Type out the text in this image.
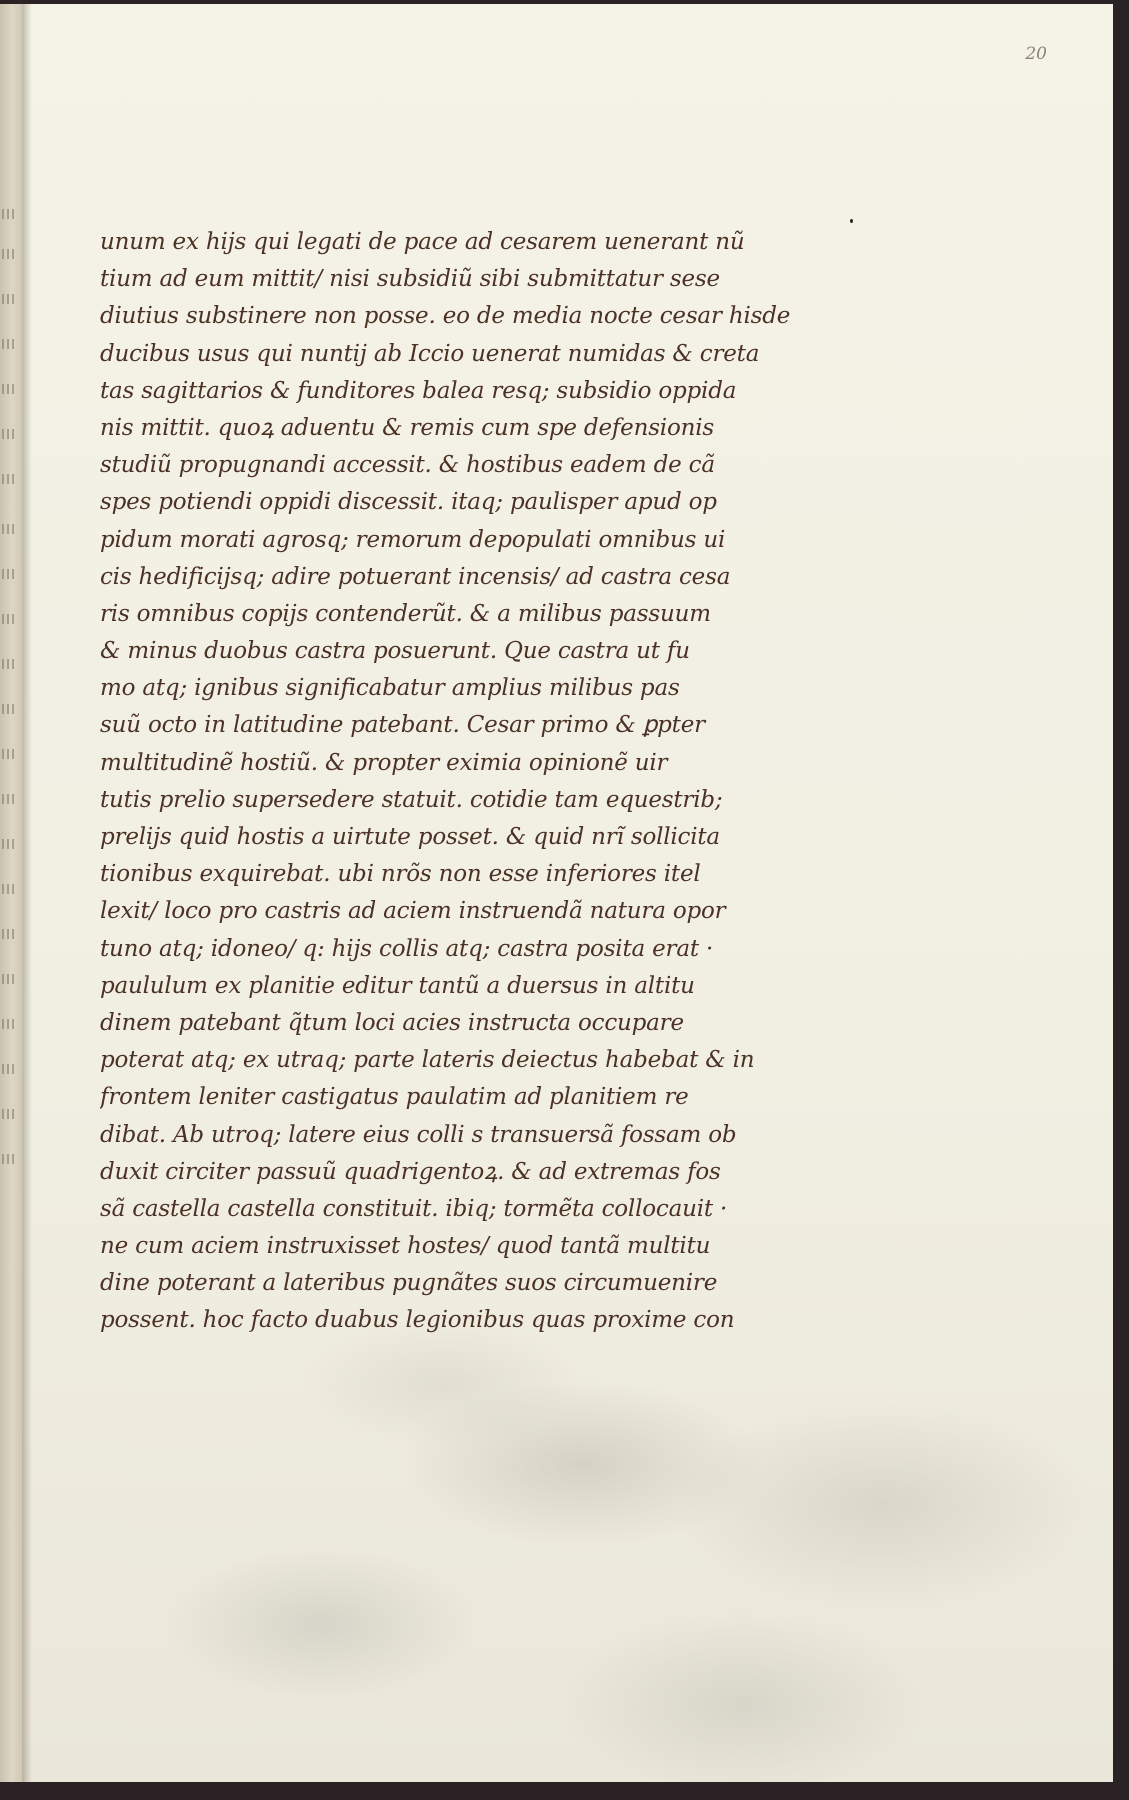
20

unum ex hijs qui legati de pace ad cesarem uenerant nũ
tium ad eum mittit/ nisi subsidiũ sibi submittatur sese
diutius substinere non posse. eo de media nocte cesar hisde
ducibus usus qui nuntij ab Iccio uenerat numidas & creta
tas sagittarios & funditores balea resq; subsidio oppida
nis mittit. quoꝝ aduentu & remis cum spe defensionis
studiũ propugnandi accessit. & hostibus eadem de cã
spes potiendi oppidi discessit. itaq; paulisper apud op
pidum morati agrosq; remorum depopulati omnibus ui
cis hedificijsq; adire potuerant incensis/ ad castra cesa
ris omnibus copijs contenderũt. & a milibus passuum
& minus duobus castra posuerunt. Que castra ut fu
mo atq; ignibus significabatur amplius milibus pas
suũ octo in latitudine patebant. Cesar primo & ꝑpter
multitudinẽ hostiũ. & propter eximia opinionẽ uir
tutis prelio supersedere statuit. cotidie tam equestrib;
prelijs quid hostis a uirtute posset. & quid nrĩ sollicita
tionibus exquirebat. ubi nrõs non esse inferiores itel
lexit/ loco pro castris ad aciem instruendã natura opor
tuno atq; idoneo/ q: hijs collis atq; castra posita erat ·
paululum ex planitie editur tantũ a duersus in altitu
dinem patebant q̃tum loci acies instructa occupare
poterat atq; ex utraq; parte lateris deiectus habebat & in
frontem leniter castigatus paulatim ad planitiem re
dibat. Ab utroq; latere eius colli s transuersã fossam ob
duxit circiter passuũ quadrigentoꝝ. & ad extremas fos
sã castella castella constituit. ibiq; tormẽta collocauit ·
ne cum aciem instruxisset hostes/ quod tantã multitu
dine poterant a lateribus pugnãtes suos circumuenire
possent. hoc facto duabus legionibus quas proxime con
